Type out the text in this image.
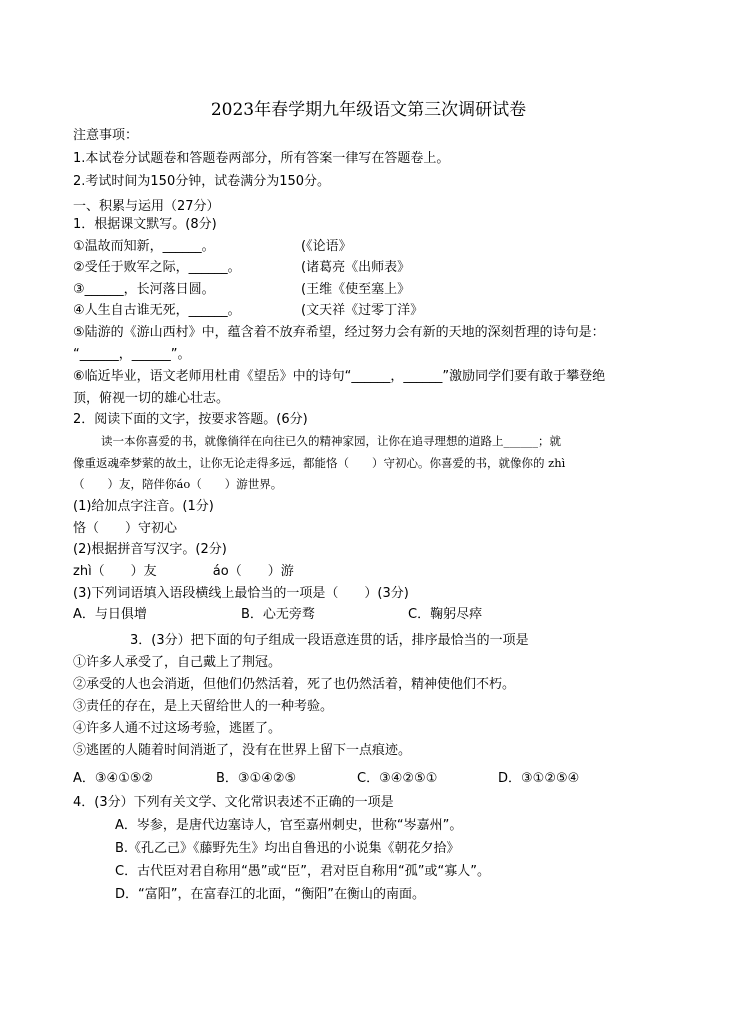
2023年春学期九年级语文第三次调研试卷
注意事项：
1.本试卷分试题卷和答题卷两部分，所有答案一律写在答题卷上。
2.考试时间为150分钟，试卷满分为150分。
一、积累与运用（27分）
1．根据课文默写。(8分)
①温故而知新，______。	(《论语》
②受任于败军之际，______。	(诸葛亮《出师表》
③______，长河落日圆。	(王维《使至塞上》
④人生自古谁无死，______。	(文天祥《过零丁洋》
⑤陆游的《游山西村》中，蕴含着不放弃希望，经过努力会有新的天地的深刻哲理的诗句是：
“______，______”。
⑥临近毕业，语文老师用杜甫《望岳》中的诗句“______，______”激励同学们要有敢于攀登绝
顶，俯视一切的雄心壮志。
2．阅读下面的文字，按要求答题。(6分)
读一本你喜爱的书，就像徜徉在向往已久的精神家园，让你在追寻理想的道路上______；就
像重返魂牵梦萦的故土，让你无论走得多远，都能恪（　　）守初心。你喜爱的书，就像你的 zhì
（　　）友，陪伴你áo（　　）游世界。
(1)给加点字注音。(1分)
恪（　　）守初心
(2)根据拼音写汉字。(2分)
zhì（　　）友　　　　 áo（　　）游
(3)下列词语填入语段横线上最恰当的一项是（　　）(3分)
A．与日俱增	B．心无旁骛	C．鞠躬尽瘁
3．(3分）把下面的句子组成一段语意连贯的话，排序最恰当的一项是
①许多人承受了，自己戴上了荆冠。
②承受的人也会消逝，但他们仍然活着，死了也仍然活着，精神使他们不朽。
③责任的存在，是上天留给世人的一种考验。
④许多人通不过这场考验，逃匿了。
⑤逃匿的人随着时间消逝了，没有在世界上留下一点痕迹。
A．③④①⑤②	B．③①④②⑤	C．③④②⑤①	D．③①②⑤④
4．(3分）下列有关文学、文化常识表述不正确的一项是
A．岑参，是唐代边塞诗人，官至嘉州刺史，世称“岑嘉州”。
B.《孔乙己》《藤野先生》均出自鲁迅的小说集《朝花夕拾》
C．古代臣对君自称用“愚”或“臣”，君对臣自称用“孤”或“寡人”。
D．“富阳”，在富春江的北面，“衡阳”在衡山的南面。
